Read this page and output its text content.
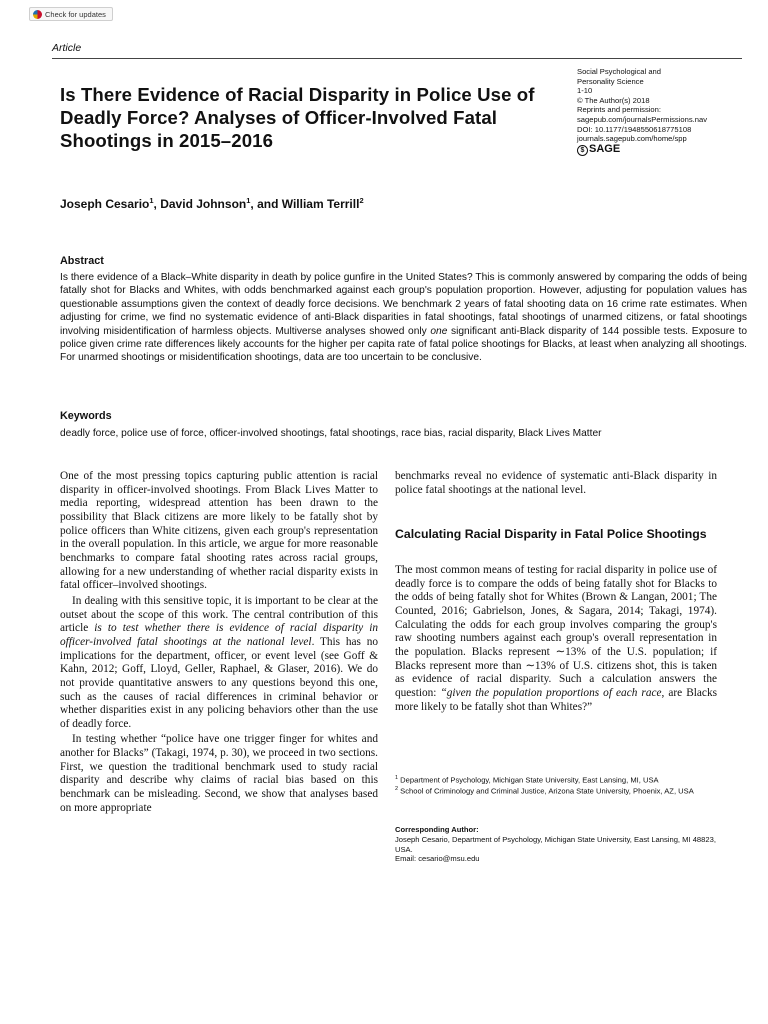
Check for updates
Article
Is There Evidence of Racial Disparity in Police Use of Deadly Force? Analyses of Officer-Involved Fatal Shootings in 2015–2016
Social Psychological and
Personality Science
1-10
© The Author(s) 2018
Reprints and permission:
sagepub.com/journalsPermissions.nav
DOI: 10.1177/1948550618775108
journals.sagepub.com/home/spp
$ SAGE
Joseph Cesario$^1$, David Johnson$^1$, and William Terrill$^2$
Abstract
Is there evidence of a Black–White disparity in death by police gunfire in the United States? This is commonly answered by comparing the odds of being fatally shot for Blacks and Whites, with odds benchmarked against each group's population proportion. However, adjusting for population values has questionable assumptions given the context of deadly force decisions. We benchmark 2 years of fatal shooting data on 16 crime rate estimates. When adjusting for crime, we find no systematic evidence of anti-Black disparities in fatal shootings, fatal shootings of unarmed citizens, or fatal shootings involving misidentification of harmless objects. Multiverse analyses showed only one significant anti-Black disparity of 144 possible tests. Exposure to police given crime rate differences likely accounts for the higher per capita rate of fatal police shootings for Blacks, at least when analyzing all shootings. For unarmed shootings or misidentification shootings, data are too uncertain to be conclusive.
Keywords
deadly force, police use of force, officer-involved shootings, fatal shootings, race bias, racial disparity, Black Lives Matter

One of the most pressing topics capturing public attention is racial disparity in officer-involved shootings. From Black Lives Matter to media reporting, widespread attention has been drawn to the possibility that Black citizens are more likely to be fatally shot by police officers than White citizens, given each group's representation in the overall population. In this article, we argue for more reasonable benchmarks to compare fatal shooting rates across racial groups, allowing for a new understanding of whether racial disparity exists in fatal officer–involved shootings.

In dealing with this sensitive topic, it is important to be clear at the outset about the scope of this work. The central contribution of this article is to test whether there is evidence of racial disparity in officer-involved fatal shootings at the national level. This has no implications for the department, officer, or event level (see Goff & Kahn, 2012; Goff, Lloyd, Geller, Raphael, & Glaser, 2016). We do not provide quantitative answers to any questions beyond this one, such as the causes of racial differences in criminal behavior or whether disparities exist in any policing behaviors other than the use of deadly force.

In testing whether “police have one trigger finger for whites and another for Blacks” (Takagi, 1974, p. 30), we proceed in two sections. First, we question the traditional benchmark used to study racial disparity and describe why claims of racial bias based on this benchmark can be misleading. Second, we show that analyses based on more appropriate

benchmarks reveal no evidence of systematic anti-Black disparity in police fatal shootings at the national level.

Calculating Racial Disparity in Fatal Police Shootings

The most common means of testing for racial disparity in police use of deadly force is to compare the odds of being fatally shot for Blacks to the odds of being fatally shot for Whites (Brown & Langan, 2001; The Counted, 2016; Gabrielson, Jones, & Sagara, 2014; Takagi, 1974). Calculating the odds for each group involves comparing the group's raw shooting numbers against each group's overall representation in the population. Blacks represent ∼13% of the U.S. population; if Blacks represent more than ∼13% of U.S. citizens shot, this is taken as evidence of racial disparity. Such a calculation answers the question: “given the population proportions of each race, are Blacks more likely to be fatally shot than Whites?”

$^1$ Department of Psychology, Michigan State University, East Lansing, MI, USA
$^2$ School of Criminology and Criminal Justice, Arizona State University, Phoenix, AZ, USA
Corresponding Author:
Joseph Cesario, Department of Psychology, Michigan State University, East Lansing, MI 48823, USA.
Email: cesario@msu.edu
